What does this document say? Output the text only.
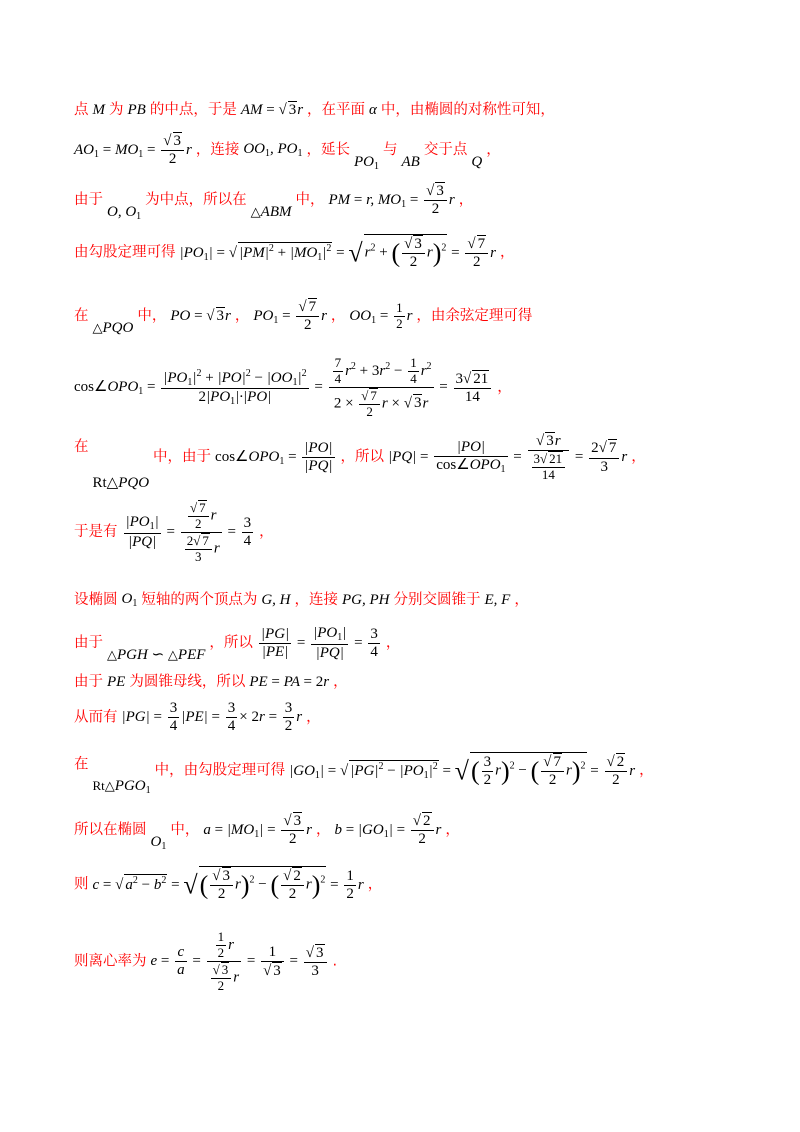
点 M 为 PB 的中点，于是 AM = √ 3r ，在平面 α 中，由椭圆的对称性可知，
$AO_1 = MO_1 = \frac{√ 3}{2}$ r ，连接 $OO_1$, $PO_1$ ，延长 $PO_1$ 与 AB 交于点 Q ，
由于 O, $O_1$ 为中点，所以在 △ABM 中， PM = r, $MO_1 = \frac{√ 3}{2}$ r ，
由勾股定理可得 $|PO_1|$ = √ $|PM|^2 + |MO_1|^2$ = √ $r^2$ + ( $\frac{√ 3}{2} r)^2 = \frac{√ 7}{2}$ r ，
在 △PQO 中， PO = √ 3r ， $PO_1 = \frac{√ 7}{2}$ r ， $OO_1 = \frac{1}{2}$ r ，由余弦定理可得
$\cos\angle OPO_1 = \frac{|PO_1|^2 + |PO|^2 - |OO_1|^2}{2|PO_1|\cdot|PO|} = \frac{\frac{7}{4} r^2 + 3r^2 - \frac{1}{4} r^2}{2 \times \frac{√ 7}{2} r \times √ 3r} = \frac{3√ 21}{14}$ ，
在 Rt△PQO 中，由于 $\cos\angle OPO_1 = \frac{|PO|}{|PQ|}$ ，所以 $|PQ| = \frac{|PO|}{\cos\angle OPO_1} = \frac{√ 3r}{\frac{3√ 21}{14}} = \frac{2√ 7}{3}$ r ，
于是有 $\frac{|PO_1|}{|PQ|} = \frac{\frac{√ 7}{2} r}{\frac{2√ 7}{3} r} = \frac{3}{4}$ ，
设椭圆 $O_1$ 短轴的两个顶点为 G, H ，连接 PG, PH 分别交圆锥于 E, F ，
由于 △PGH ∽ △PEF ，所以 $\frac{|PG|}{|PE|} = \frac{|PO_1|}{|PQ|} = \frac{3}{4}$ ，
由于 PE 为圆锥母线，所以 PE = PA = 2r ，
从而有 $|PG| = \frac{3}{4} |PE| = \frac{3}{4} \times 2r = \frac{3}{2}$ r ，
在 $Rt\triangle PGO_1$ 中，由勾股定理可得 $|GO_1|$ = √ $|PG|^2 - |PO_1|^2$ = √( $\frac{3}{2} r)^2$ − ( $\frac{√ 7}{2} r)^2 = \frac{√ 2}{2}$ r ，
所以在椭圆 $O_1$ 中， $a = |MO_1| = \frac{√ 3}{2}$ r ， $b = |GO_1| = \frac{√ 2}{2}$ r ，
则 c = √ $a^2 - b^2$ = √( $\frac{√ 3}{2} r)^2$ − ( $\frac{√ 2}{2} r)^2 = \frac{1}{2}$ r ，
则离心率为 $e = \frac{c}{a} = \frac{\frac{1}{2} r}{\frac{√ 3}{2} r} = \frac{1}{√ 3} = \frac{√ 3}{3}$ .
